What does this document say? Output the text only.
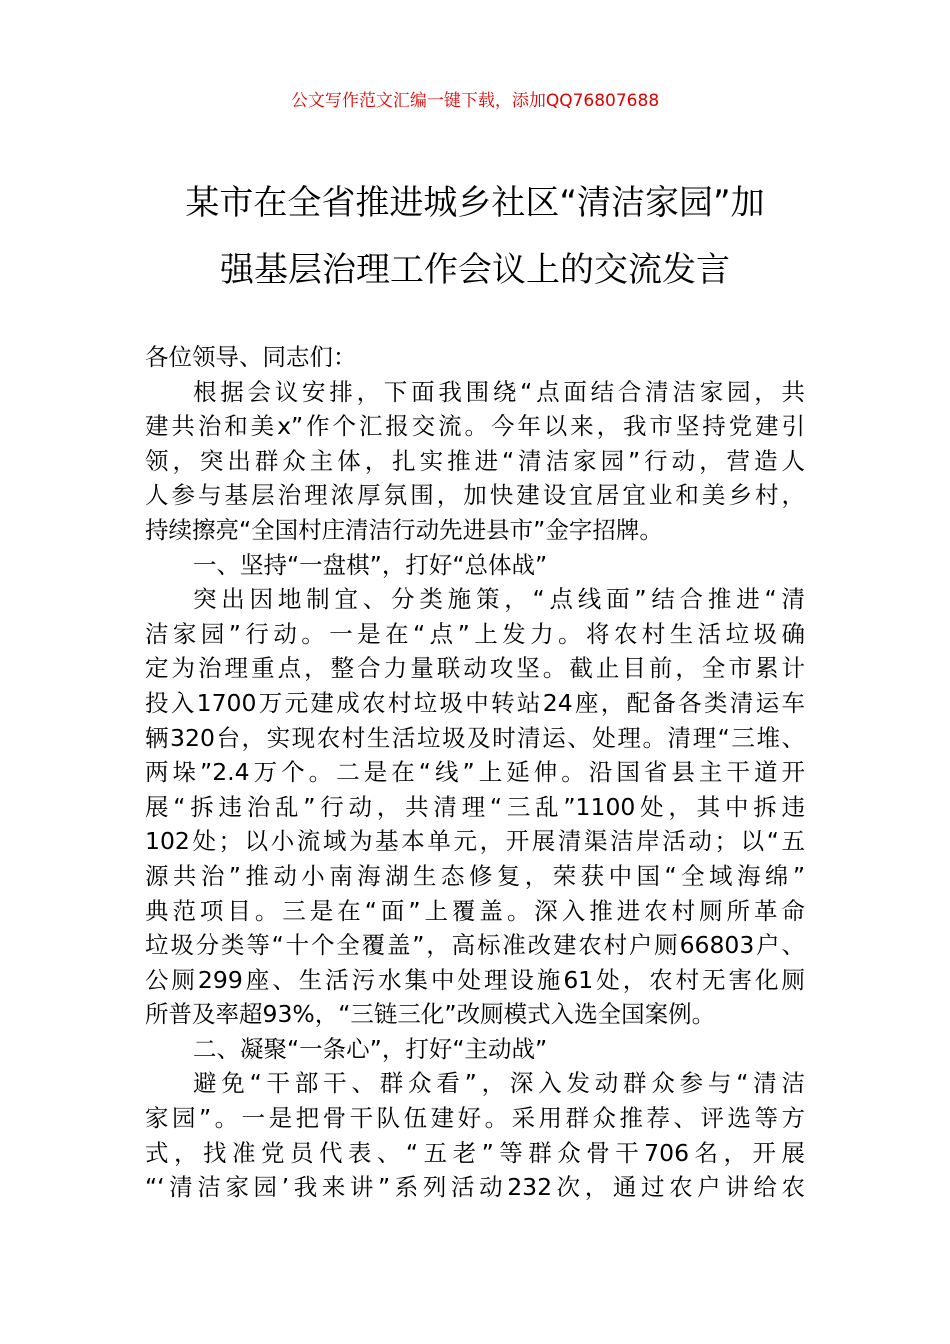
公文写作范文汇编一键下载，添加QQ76807688
某市在全省推进城乡社区“清洁家园”加
强基层治理工作会议上的交流发言
各位领导、同志们：
根据会议安排，下面我围绕“点面结合清洁家园，共
建共治和美x”作个汇报交流。今年以来，我市坚持党建引
领，突出群众主体，扎实推进“清洁家园”行动，营造人
人参与基层治理浓厚氛围，加快建设宜居宜业和美乡村，
持续擦亮“全国村庄清洁行动先进县市”金字招牌。
一、坚持“一盘棋”，打好“总体战”
突出因地制宜、分类施策，“点线面”结合推进“清
洁家园”行动。一是在“点”上发力。将农村生活垃圾确
定为治理重点，整合力量联动攻坚。截止目前，全市累计
投入1700万元建成农村垃圾中转站24座，配备各类清运车
辆320台，实现农村生活垃圾及时清运、处理。清理“三堆、
两垛”2.4万个。二是在“线”上延伸。沿国省县主干道开
展“拆违治乱”行动，共清理“三乱”1100处，其中拆违
102处；以小流域为基本单元，开展清渠洁岸活动；以“五
源共治”推动小南海湖生态修复，荣获中国“全域海绵”
典范项目。三是在“面”上覆盖。深入推进农村厕所革命
垃圾分类等“十个全覆盖”，高标准改建农村户厕66803户、
公厕299座、生活污水集中处理设施61处，农村无害化厕
所普及率超93%，“三链三化”改厕模式入选全国案例。
二、凝聚“一条心”，打好“主动战”
避免“干部干、群众看”，深入发动群众参与“清洁
家园”。一是把骨干队伍建好。采用群众推荐、评选等方
式，找准党员代表、“五老”等群众骨干706名，开展
“‘清洁家园’我来讲”系列活动232次，通过农户讲给农
